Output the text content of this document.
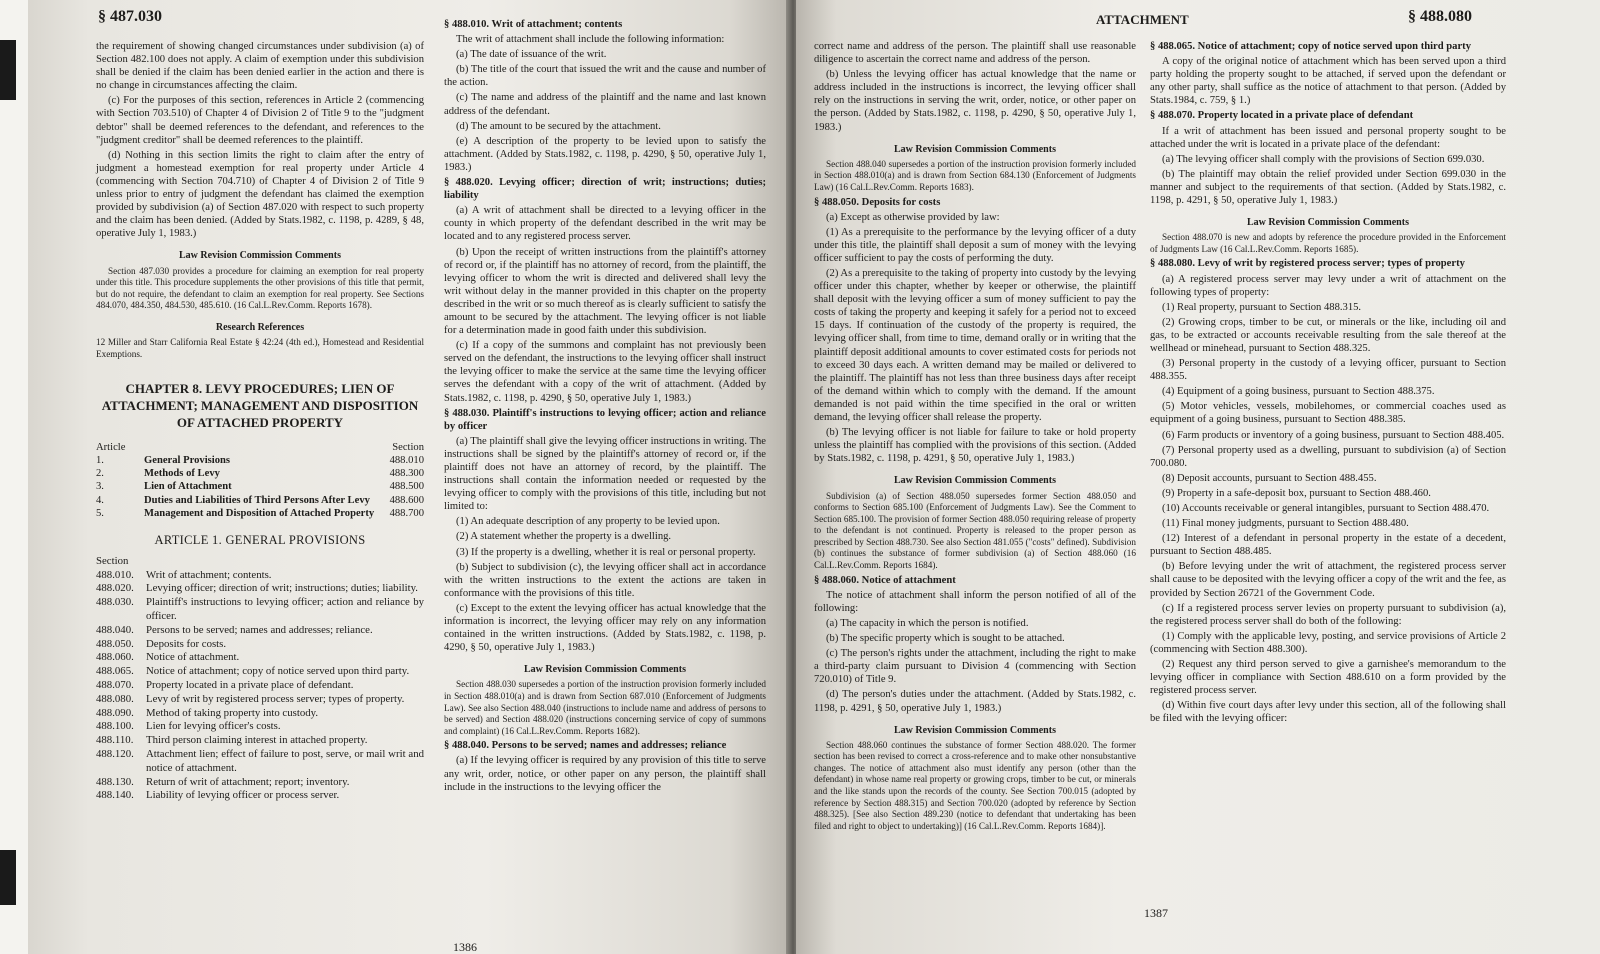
§ 487.030

the requirement of showing changed circumstances under subdivision (a) of Section 482.100 does not apply. A claim of exemption under this subdivision shall be denied if the claim has been denied earlier in the action and there is no change in circumstances affecting the claim.

(c) For the purposes of this section, references in Article 2 (commencing with Section 703.510) of Chapter 4 of Division 2 of Title 9 to the "judgment debtor" shall be deemed references to the defendant, and references to the "judgment creditor" shall be deemed references to the plaintiff.

(d) Nothing in this section limits the right to claim after the entry of judgment a homestead exemption for real property under Article 4 (commencing with Section 704.710) of Chapter 4 of Division 2 of Title 9 unless prior to entry of judgment the defendant has claimed the exemption provided by subdivision (a) of Section 487.020 with respect to such property and the claim has been denied. (Added by Stats.1982, c. 1198, p. 4289, § 48, operative July 1, 1983.)

Law Revision Commission Comments

Section 487.030 provides a procedure for claiming an exemption for real property under this title. This procedure supplements the other provisions of this title that permit, but do not require, the defendant to claim an exemption for real property. See Sections 484.070, 484.350, 484.530, 485.610. (16 Cal.L.Rev.Comm. Reports 1678).

Research References

12 Miller and Starr California Real Estate § 42:24 (4th ed.), Homestead and Residential Exemptions.

CHAPTER 8. LEVY PROCEDURES; LIEN OF ATTACHMENT; MANAGEMENT AND DISPOSITION OF ATTACHED PROPERTY
Article		Section
1.	General Provisions	488.010
2.	Methods of Levy	488.300
3.	Lien of Attachment	488.500
4.	Duties and Liabilities of Third Persons After Levy	488.600
5.	Management and Disposition of Attached Property	488.700
ARTICLE 1. GENERAL PROVISIONS
Section
488.010.	Writ of attachment; contents.
488.020.	Levying officer; direction of writ; instructions; duties; liability.
488.030.	Plaintiff's instructions to levying officer; action and reliance by officer.
488.040.	Persons to be served; names and addresses; reliance.
488.050.	Deposits for costs.
488.060.	Notice of attachment.
488.065.	Notice of attachment; copy of notice served upon third party.
488.070.	Property located in a private place of defendant.
488.080.	Levy of writ by registered process server; types of property.
488.090.	Method of taking property into custody.
488.100.	Lien for levying officer's costs.
488.110.	Third person claiming interest in attached property.
488.120.	Attachment lien; effect of failure to post, serve, or mail writ and notice of attachment.
488.130.	Return of writ of attachment; report; inventory.
488.140.	Liability of levying officer or process server.

§ 488.010. Writ of attachment; contents

The writ of attachment shall include the following information:

(a) The date of issuance of the writ.

(b) The title of the court that issued the writ and the cause and number of the action.

(c) The name and address of the plaintiff and the name and last known address of the defendant.

(d) The amount to be secured by the attachment.

(e) A description of the property to be levied upon to satisfy the attachment. (Added by Stats.1982, c. 1198, p. 4290, § 50, operative July 1, 1983.)

§ 488.020. Levying officer; direction of writ; instructions; duties; liability

(a) A writ of attachment shall be directed to a levying officer in the county in which property of the defendant described in the writ may be located and to any registered process server.

(b) Upon the receipt of written instructions from the plaintiff's attorney of record or, if the plaintiff has no attorney of record, from the plaintiff, the levying officer to whom the writ is directed and delivered shall levy the writ without delay in the manner provided in this chapter on the property described in the writ or so much thereof as is clearly sufficient to satisfy the amount to be secured by the attachment. The levying officer is not liable for a determination made in good faith under this subdivision.

(c) If a copy of the summons and complaint has not previously been served on the defendant, the instructions to the levying officer shall instruct the levying officer to make the service at the same time the levying officer serves the defendant with a copy of the writ of attachment. (Added by Stats.1982, c. 1198, p. 4290, § 50, operative July 1, 1983.)

§ 488.030. Plaintiff's instructions to levying officer; action and reliance by officer

(a) The plaintiff shall give the levying officer instructions in writing. The instructions shall be signed by the plaintiff's attorney of record or, if the plaintiff does not have an attorney of record, by the plaintiff. The instructions shall contain the information needed or requested by the levying officer to comply with the provisions of this title, including but not limited to:

(1) An adequate description of any property to be levied upon.

(2) A statement whether the property is a dwelling.

(3) If the property is a dwelling, whether it is real or personal property.

(b) Subject to subdivision (c), the levying officer shall act in accordance with the written instructions to the extent the actions are taken in conformance with the provisions of this title.

(c) Except to the extent the levying officer has actual knowledge that the information is incorrect, the levying officer may rely on any information contained in the written instructions. (Added by Stats.1982, c. 1198, p. 4290, § 50, operative July 1, 1983.)

Law Revision Commission Comments

Section 488.030 supersedes a portion of the instruction provision formerly included in Section 488.010(a) and is drawn from Section 687.010 (Enforcement of Judgments Law). See also Section 488.040 (instructions to include name and address of persons to be served) and Section 488.020 (instructions concerning service of copy of summons and complaint) (16 Cal.L.Rev.Comm. Reports 1682).

§ 488.040. Persons to be served; names and addresses; reliance

(a) If the levying officer is required by any provision of this title to serve any writ, order, notice, or other paper on any person, the plaintiff shall include in the instructions to the levying officer the

1386
ATTACHMENT	§ 488.080

correct name and address of the person. The plaintiff shall use reasonable diligence to ascertain the correct name and address of the person.

(b) Unless the levying officer has actual knowledge that the name or address included in the instructions is incorrect, the levying officer shall rely on the instructions in serving the writ, order, notice, or other paper on the person. (Added by Stats.1982, c. 1198, p. 4290, § 50, operative July 1, 1983.)

Law Revision Commission Comments

Section 488.040 supersedes a portion of the instruction provision formerly included in Section 488.010(a) and is drawn from Section 684.130 (Enforcement of Judgments Law) (16 Cal.L.Rev.Comm. Reports 1683).

§ 488.050. Deposits for costs

(a) Except as otherwise provided by law:

(1) As a prerequisite to the performance by the levying officer of a duty under this title, the plaintiff shall deposit a sum of money with the levying officer sufficient to pay the costs of performing the duty.

(2) As a prerequisite to the taking of property into custody by the levying officer under this chapter, whether by keeper or otherwise, the plaintiff shall deposit with the levying officer a sum of money sufficient to pay the costs of taking the property and keeping it safely for a period not to exceed 15 days. If continuation of the custody of the property is required, the levying officer shall, from time to time, demand orally or in writing that the plaintiff deposit additional amounts to cover estimated costs for periods not to exceed 30 days each. A written demand may be mailed or delivered to the plaintiff. The plaintiff has not less than three business days after receipt of the demand within which to comply with the demand. If the amount demanded is not paid within the time specified in the oral or written demand, the levying officer shall release the property.

(b) The levying officer is not liable for failure to take or hold property unless the plaintiff has complied with the provisions of this section. (Added by Stats.1982, c. 1198, p. 4291, § 50, operative July 1, 1983.)

Law Revision Commission Comments

Subdivision (a) of Section 488.050 supersedes former Section 488.050 and conforms to Section 685.100 (Enforcement of Judgments Law). See the Comment to Section 685.100. The provision of former Section 488.050 requiring release of property to the defendant is not continued. Property is released to the proper person as prescribed by Section 488.730. See also Section 481.055 ("costs" defined). Subdivision (b) continues the substance of former subdivision (a) of Section 488.060 (16 Cal.L.Rev.Comm. Reports 1684).

§ 488.060. Notice of attachment

The notice of attachment shall inform the person notified of all of the following:

(a) The capacity in which the person is notified.

(b) The specific property which is sought to be attached.

(c) The person's rights under the attachment, including the right to make a third-party claim pursuant to Division 4 (commencing with Section 720.010) of Title 9.

(d) The person's duties under the attachment. (Added by Stats.1982, c. 1198, p. 4291, § 50, operative July 1, 1983.)

Law Revision Commission Comments

Section 488.060 continues the substance of former Section 488.020. The former section has been revised to correct a cross-reference and to make other nonsubstantive changes. The notice of attachment also must identify any person (other than the defendant) in whose name real property or growing crops, timber to be cut, or minerals and the like stands upon the records of the county. See Section 700.015 (adopted by reference by Section 488.315) and Section 700.020 (adopted by reference by Section 488.325). [See also Section 489.230 (notice to defendant that undertaking has been filed and right to object to undertaking)] (16 Cal.L.Rev.Comm. Reports 1684)].

§ 488.065. Notice of attachment; copy of notice served upon third party

A copy of the original notice of attachment which has been served upon a third party holding the property sought to be attached, if served upon the defendant or any other party, shall suffice as the notice of attachment to that person. (Added by Stats.1984, c. 759, § 1.)

§ 488.070. Property located in a private place of defendant

If a writ of attachment has been issued and personal property sought to be attached under the writ is located in a private place of the defendant:

(a) The levying officer shall comply with the provisions of Section 699.030.

(b) The plaintiff may obtain the relief provided under Section 699.030 in the manner and subject to the requirements of that section. (Added by Stats.1982, c. 1198, p. 4291, § 50, operative July 1, 1983.)

Law Revision Commission Comments

Section 488.070 is new and adopts by reference the procedure provided in the Enforcement of Judgments Law (16 Cal.L.Rev.Comm. Reports 1685).

§ 488.080. Levy of writ by registered process server; types of property

(a) A registered process server may levy under a writ of attachment on the following types of property:

(1) Real property, pursuant to Section 488.315.

(2) Growing crops, timber to be cut, or minerals or the like, including oil and gas, to be extracted or accounts receivable resulting from the sale thereof at the wellhead or minehead, pursuant to Section 488.325.

(3) Personal property in the custody of a levying officer, pursuant to Section 488.355.

(4) Equipment of a going business, pursuant to Section 488.375.

(5) Motor vehicles, vessels, mobilehomes, or commercial coaches used as equipment of a going business, pursuant to Section 488.385.

(6) Farm products or inventory of a going business, pursuant to Section 488.405.

(7) Personal property used as a dwelling, pursuant to subdivision (a) of Section 700.080.

(8) Deposit accounts, pursuant to Section 488.455.

(9) Property in a safe-deposit box, pursuant to Section 488.460.

(10) Accounts receivable or general intangibles, pursuant to Section 488.470.

(11) Final money judgments, pursuant to Section 488.480.

(12) Interest of a defendant in personal property in the estate of a decedent, pursuant to Section 488.485.

(b) Before levying under the writ of attachment, the registered process server shall cause to be deposited with the levying officer a copy of the writ and the fee, as provided by Section 26721 of the Government Code.

(c) If a registered process server levies on property pursuant to subdivision (a), the registered process server shall do both of the following:

(1) Comply with the applicable levy, posting, and service provisions of Article 2 (commencing with Section 488.300).

(2) Request any third person served to give a garnishee's memorandum to the levying officer in compliance with Section 488.610 on a form provided by the registered process server.

(d) Within five court days after levy under this section, all of the following shall be filed with the levying officer:

1387
